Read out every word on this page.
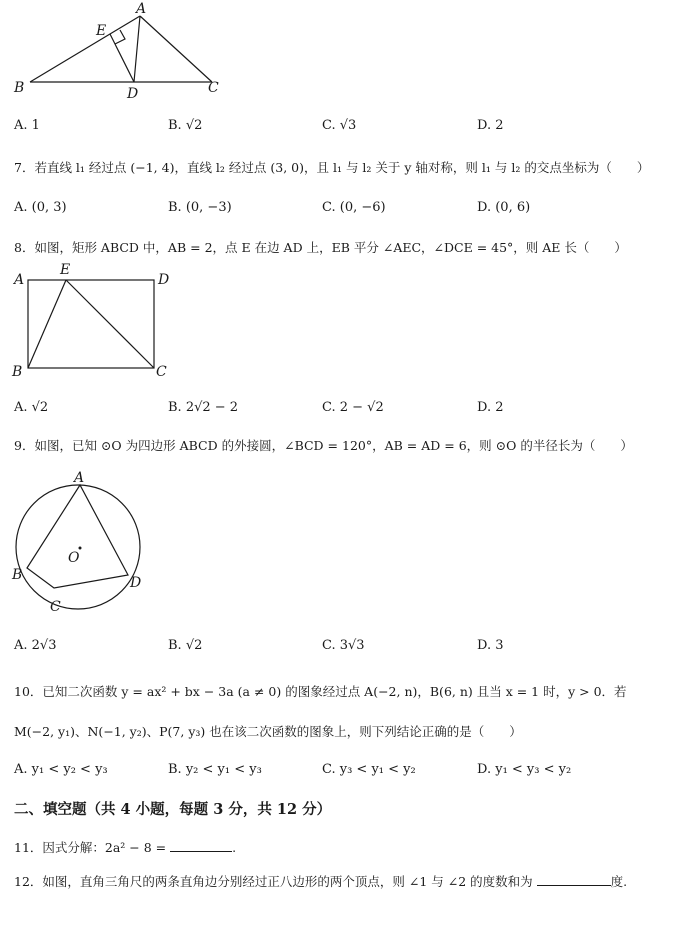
A
E
B	D	C
A. 1	B. √2	C. √3	D. 2
7．若直线 l₁ 经过点 (−1, 4)，直线 l₂ 经过点 (3, 0)，且 l₁ 与 l₂ 关于 y 轴对称，则 l₁ 与 l₂ 的交点坐标为（　　）
A. (0, 3)	B. (0, −3)	C. (0, −6)	D. (0, 6)
8．如图，矩形 ABCD 中，AB = 2，点 E 在边 AD 上，EB 平分 ∠AEC，∠DCE = 45°，则 AE 长（　　）
A
E
D
B	C
A. √2	B. 2√2 − 2	C. 2 − √2	D. 2
9．如图，已知 ⊙O 为四边形 ABCD 的外接圆，∠BCD = 120°，AB = AD = 6，则 ⊙O 的半径长为（　　）
A
O
B
C
D
A. 2√3	B. √2	C. 3√3	D. 3
10．已知二次函数 y = ax² + bx − 3a (a ≠ 0) 的图象经过点 A(−2, n)，B(6, n) 且当 x = 1 时，y > 0．若
M(−2, y₁)、N(−1, y₂)、P(7, y₃) 也在该二次函数的图象上，则下列结论正确的是（　　）
A. y₁ < y₂ < y₃	B. y₂ < y₁ < y₃	C. y₃ < y₁ < y₂	D. y₁ < y₃ < y₂
二、填空题（共 4 小题，每题 3 分，共 12 分）
11．因式分解：2a² − 8 =	.
12．如图，直角三角尺的两条直角边分别经过正八边形的两个顶点，则 ∠1 与 ∠2 的度数和为	度.
